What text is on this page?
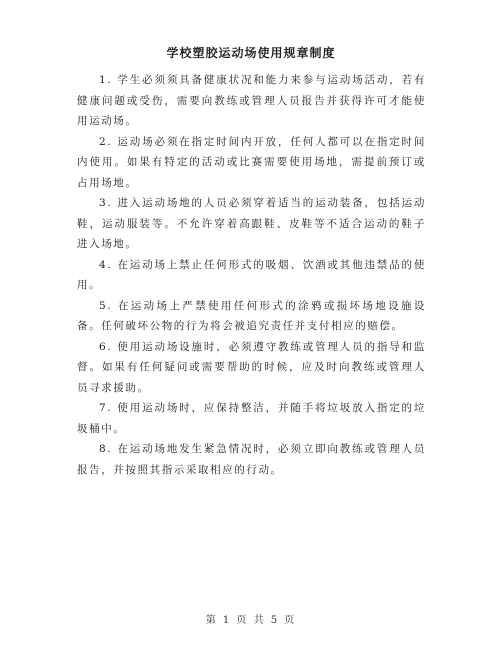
学校塑胶运动场使用规章制度

1. 学生必须须具备健康状况和能力来参与运动场活动，若有健康问题或受伤，需要向教练或管理人员报告并获得许可才能使用运动场。

2. 运动场必须在指定时间内开放，任何人都可以在指定时间内使用。如果有特定的活动或比赛需要使用场地，需提前预订或占用场地。

3. 进入运动场地的人员必须穿着适当的运动装备，包括运动鞋，运动服装等。不允许穿着高跟鞋、皮鞋等不适合运动的鞋子进入场地。

4. 在运动场上禁止任何形式的吸烟、饮酒或其他违禁品的使用。

5. 在运动场上严禁使用任何形式的涂鸦或损坏场地设施设备。任何破坏公物的行为将会被追究责任并支付相应的赔偿。

6. 使用运动场设施时，必须遵守教练或管理人员的指导和监督。如果有任何疑问或需要帮助的时候，应及时向教练或管理人员寻求援助。

7. 使用运动场时，应保持整洁，并随手将垃圾放入指定的垃圾桶中。

8. 在运动场地发生紧急情况时，必须立即向教练或管理人员报告，并按照其指示采取相应的行动。

第 1 页 共 5 页
